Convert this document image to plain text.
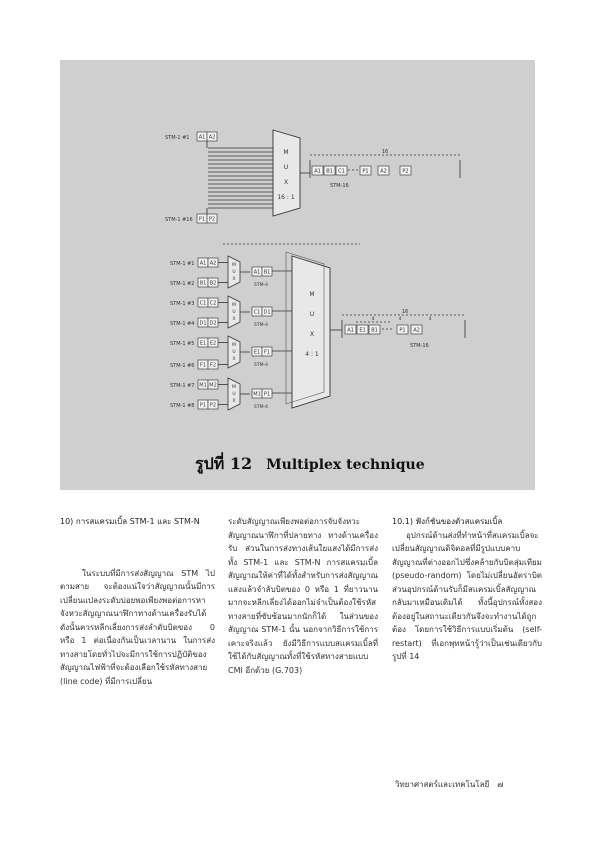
STM-1 #1 A1 A2
STM-1 #16 P1 P2
M
U
X
16 : 1
16
A1 B1 C1	P1 A2	P2
STM-16
STM-1 #1 A1 A2
STM-1 #2 B1 B2
STM-1 #3 C1 C2
STM-1 #4 D1 D2
STM-1 #5 E1 E2
STM-1 #6 F1 F2
STM-1 #7 M1 M2
STM-1 #8 P1 P2
M
U
X
A1 B1
STM-4
M
U
X
C1 D1
STM-4
M
U
X
E1 F1
STM-4
M
U
X
M1 P1
STM-4
M
U
X
4 : 1
16
4	4	4
A1 E1 B1	P1 A2
STM-16
รูปที่ 12 Multiplex technique
10) การสแครมเบิ้ล STM-1 และ STM-N

ในระบบที่มีการส่งสัญญาณ STM ไปตามสาย จะต้องแน่ใจว่าสัญญาณนั้นมีการเปลี่ยนแปลงระดับบ่อยพอเพียงพอต่อการหาจังหวะสัญญาณนาฬิกาทางด้านเครื่องรับได้ ดังนั้นควรหลีกเลี่ยงการส่งลำดับบิตของ 0 หรือ 1 ต่อเนื่องกันเป็นเวลานาน ในการส่งทางสายโดยทั่วไปจะมีการใช้การปฏิบัติของสัญญาณไฟฟ้าที่จะต้องเลือกใช้รหัสทางสาย (line code) ที่มีการเปลี่ยน

ระดับสัญญาณเพียงพอต่อการจับจังหวะสัญญาณนาฬิกาที่ปลายทาง ทางด้านเครื่องรับ ส่วนในการส่งทางเส้นใยแสงได้มีการส่งทั้ง STM-1 และ STM-N การสแครมเบิ้ลสัญญาณให้ค่าที่ได้ทั้งสำหรับการส่งสัญญาณแสงแล้วจำลับบิตของ 0 หรือ 1 ที่ยาวนานมากจะหลีกเลี่ยงได้ออกไม่จำเป็นต้องใช้รหัสทางสายที่ซับซ้อนมากนักก็ได้ ในส่วนของสัญญาณ STM-1 นั้น นอกจากวิธีการใช้การเคาะจริงแล้ว ยังมีวิธีการแบบสแครมเบิ้ลที่ใช้ได้กับสัญญาณทั้งที่ใช้รหัสทางสายแบบ CMI อีกด้วย (G.703)

10.1) ฟังก์ชันของตัวสแครมเบิ้ล

อุปกรณ์ด้านส่งที่ทำหน้าที่สแครมเบิ้ลจะเปลี่ยนสัญญาณดิจิตอลที่มีรูปแบบคาบ สัญญาณที่ต่างออกไปซึ่งคล้ายกับบิตสุ่มเทียม (pseudo-random) โดยไม่เปลี่ยนอัตราบิต ส่วนอุปกรณ์ด้านรับก็มีสแครมเบิ้ลสัญญาณกลับมาเหมือนเดิมได้ ทั้งนี้อุปกรณ์ทั้งสองต้องอยู่ในสถานะเดียวกันจึงจะทำงานได้ถูกต้อง โดยการใช้วิธีการแบบเริ่มต้น (self-restart) ที่เอกพุทหน้ารู้ว่าเป็นเช่นเดียวกับรูปที่ 14

วิทยาศาสตร์และเทคโนโลยี ๗
